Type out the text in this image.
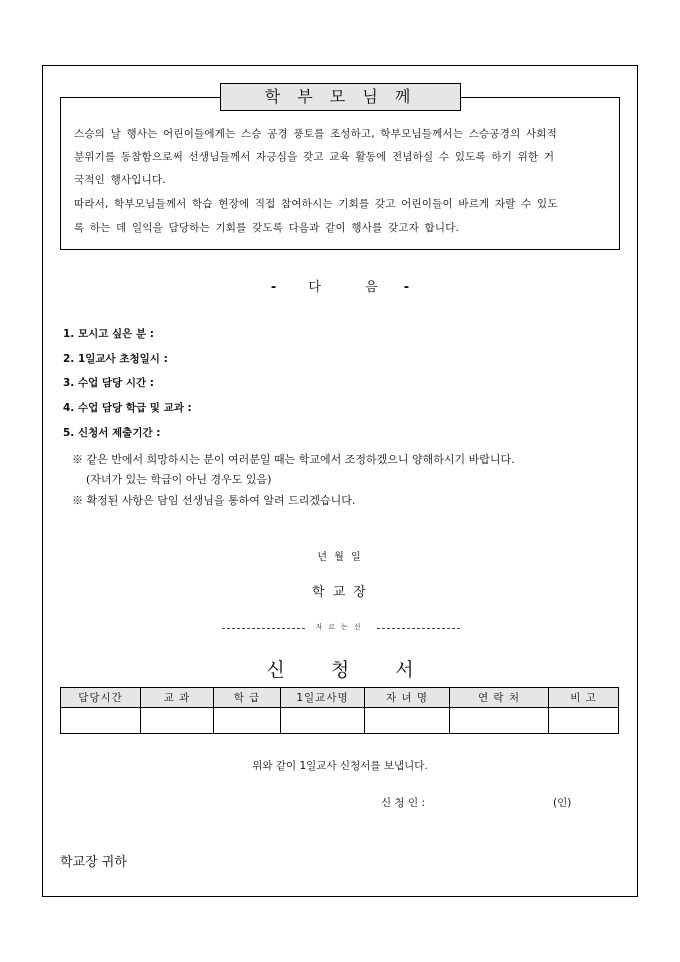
학 부 모 님 께
스승의 날 행사는 어린이들에게는 스승 공경 풍토를 조성하고, 학부모님들께서는 스승공경의 사회적
분위기를 동참함으로써 선생님들께서 자긍심을 갖고 교육 활동에 전념하실 수 있도록 하기 위한 거
국적인 행사입니다.
따라서, 학부모님들께서 학습 현장에 직접 참여하시는 기회를 갖고 어린이들이 바르게 자랄 수 있도
록 하는 데 일익을 담당하는 기회를 갖도록 다음과 같이 행사를 갖고자 합니다.
- 다	음 -
1. 모시고 싶은 분 :
2. 1일교사 초청일시 :
3. 수업 담당 시간 :
4. 수업 담당 학급 및 교과 :
5. 신청서 제출기간 :
※ 같은 반에서 희망하시는 분이 여러분일 때는 학교에서 조정하겠으니 양해하시기 바랍니다.
(자녀가 있는 학급이 아닌 경우도 있음)
※ 확정된 사항은 담임 선생님을 통하여 알려 드리겠습니다.
년 월 일
학 교 장
자르는선
신 청 서
담당시간	교 과	학 급	1일교사명	자 녀 명	연 락 처	비 고

위와 같이 1일교사 신청서를 보냅니다.
신 청 인 :	(인)
학교장 귀하
